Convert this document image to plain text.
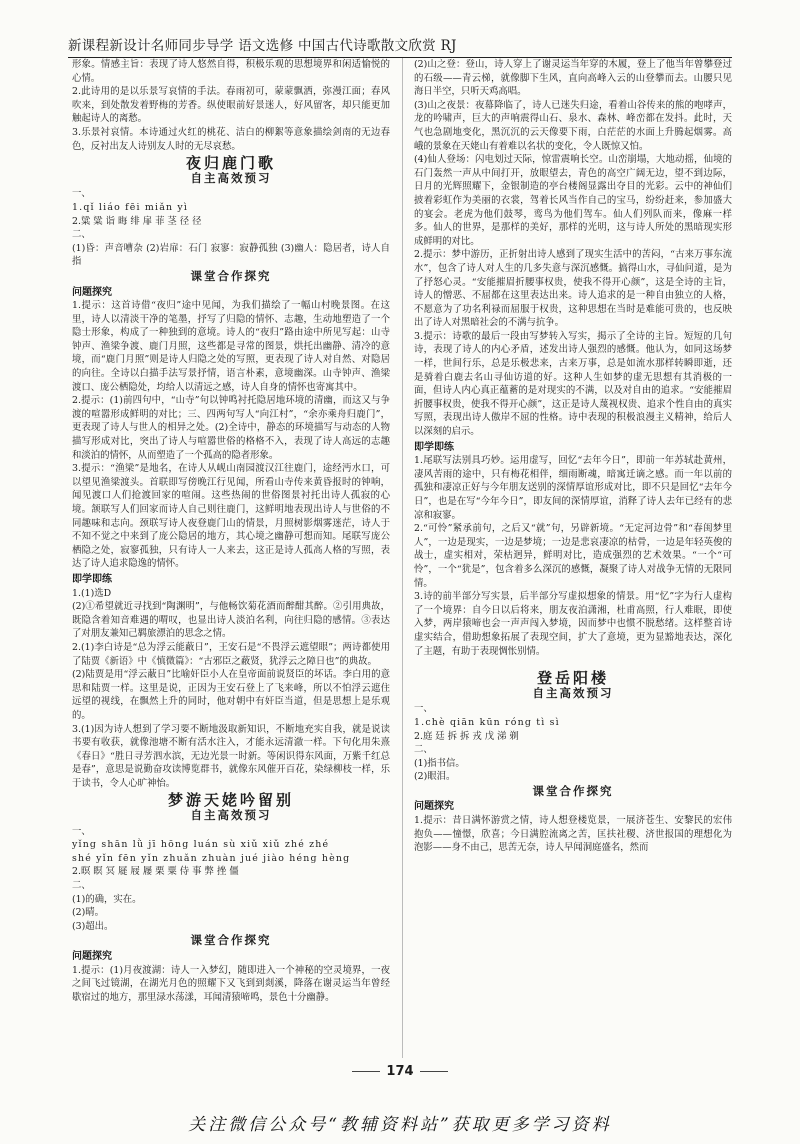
新课程新设计名师同步导学 语文选修 中国古代诗歌散文欣赏 RJ

形象。情感主旨：表现了诗人悠然自得，积极乐观的思想境界和闲适愉悦的心情。

2.此诗用的是以乐景写哀情的手法。春雨初可，蒙蒙飘洒，弥漫江面；春风吹来，到处散发着野梅的芳香。纵使眼前好景迷人，好风留客，却只能更加触起诗人的离愁。

3.乐景衬哀情。本诗通过火红的桃花、洁白的柳絮等意象描绘剑南的无边春色，反衬出友人诗别友人时的无尽哀愁。

夜归鹿门歌
自主高效预习

一、

1.qǐ liáo fēi miǎn yì

2.粱 粱 诣 晦 绯 扉 菲 茎 径 径

二、

(1)昏：声音嘈杂 (2)岩扉：石门 寂寥：寂静孤独 (3)幽人：隐居者，诗人自指

课堂合作探究
问题探究

1.提示：这首诗借“夜归”途中见闻，为我们描绘了一幅山村晚景图。在这里，诗人以清淡干净的笔墨，抒写了归隐的情怀、志趣，生动地塑造了一个隐士形象，构成了一种独到的意境。诗人的“夜归”路由途中所见写起：山寺钟声、渔梁争渡、鹿门月照，这些都是寻常的图景，烘托出幽静、清冷的意境，而“鹿门月照”则是诗人归隐之处的写照，更表现了诗人对自然、对隐居的向往。全诗以白描手法写景抒情，语言朴素，意境幽深。山寺钟声、渔梁渡口、庞公栖隐处，均给人以清远之感，诗人自身的情怀也寄寓其中。

2.提示：(1)前四句中，“山寺”句以钟鸣衬托隐居地环境的清幽，而这又与争渡的喧嚣形成鲜明的对比；三、四两句写人“向江村”，“余亦乘舟归鹿门”，更表现了诗人与世人的相异之处。(2)全诗中，静态的环境描写与动态的人物描写形成对比，突出了诗人与喧嚣世俗的格格不入，表现了诗人高远的志趣和淡泊的情怀，从而塑造了一个孤高的隐者形象。

3.提示：“渔梁”是地名，在诗人从岘山南园渡汉江往鹿门，途经沔水口，可以望见渔梁渡头。首联即写傍晚江行见闻，所看山寺传来黄昏报时的钟响，闻见渡口人们抢渡回家的喧闹。这些热闹的世俗图景衬托出诗人孤寂的心境。颔联写人们回家而诗人自己则往鹿门，这鲜明地表现出诗人与世俗的不同趣味和志向。颈联写诗人夜登鹿门山的情景，月照树影烟雾迷茫，诗人于不知不觉之中来到了庞公隐居的地方，其心境之幽静可想而知。尾联写庞公栖隐之处，寂寥孤独，只有诗人一人来去，这正是诗人孤高人格的写照，表达了诗人追求隐逸的情怀。

即学即练

1.(1)选D

(2)①希望就近寻找到“陶渊明”，与他畅饮菊花酒而醉酣其醉。②引用典故，既隐含着知音难遇的喟叹，也显出诗人淡泊名利，向往归隐的感情。③表达了对朋友兼知己羁旅漂泊的思念之情。

2.(1)李白诗是“总为浮云能蔽日”，王安石是“不畏浮云遮望眼”；两诗都使用了陆贾《新语》中《慎微篇》：“古邪臣之蔽贤，犹浮云之障日也”的典故。

(2)陆贾是用“浮云蔽日”比喻奸臣小人在皇帝面前说贤臣的坏话。李白用的意思和陆贾一样。这里是说，正因为王安石登上了飞来峰，所以不怕浮云遮住远望的视线，在飘然上升的同时，他对朝中有奸臣当道，但是思想上是乐观的。

3.(1)因为诗人想到了学习要不断地汲取新知识，不断地充实自我，就是说读书要有收获，就像池塘不断有活水注入，才能永远清澈一样。下句化用朱熹《春日》“胜日寻芳泗水滨，无边光景一时新。等闲识得东风面，万紫千红总是春”，意思是说勤奋攻读博览群书，就像东风催开百花，染绿柳枝一样，乐于读书，令人心旷神怡。

梦游天姥吟留别
自主高效预习

一、

yǐng shān lǜ jī hōng luán sù xiǔ xiǔ zhé zhé

shé yǐn fēn yǐn zhuǎn zhuàn jué jiào héng hèng

2.暝 瞑 冥 屣 屐 屦 栗 粟 侍 事 弊 挫 僵

二、

(1)的确，实在。

(2)晴。

(3)超出。

课堂合作探究
问题探究

1.提示：(1)月夜渡湖：诗人一入梦幻，随即进入一个神秘的空灵境界，一夜之间飞过镜湖，在湖光月色的照耀下又飞到到剡溪，降落在谢灵运当年曾经歇宿过的地方，那里渌水荡漾，耳闻清猿啼鸣，景色十分幽静。

(2)山之登：登山，诗人穿上了谢灵运当年穿的木履，登上了他当年曾攀登过的石级——青云梯，就像脚下生风，直向高峰入云的山登攀而去。山腰只见海日半空，只听天鸡高唱。

(3)山之夜景：夜幕降临了，诗人已迷失归途，看着山谷传来的熊的咆哮声，龙的吟啸声，巨大的声响震得山石、泉水、森林、峰峦都在发抖。此时，天气也急剧地变化，黑沉沉的云天像要下雨，白茫茫的水面上升腾起烟雾。高峨的景象在天姥山有着难以名状的变化，令人既惊又怕。

(4)仙人登场：闪电划过天际，惊雷震响长空。山峦崩塌，大地动摇，仙境的石门轰然一声从中间打开，放眼望去，青色的高空广阔无边，望不到边际，日月的光辉照耀下，金银制造的亭台楼阁显露出夺目的光彩。云中的神仙们披着彩虹作为美丽的衣裳，驾着长风当作自己的宝马，纷纷赶来，参加盛大的宴会。老虎为他们鼓琴，鸾鸟为他们驾车。仙人们列队而来，像麻一样多。仙人的世界，是那样的美好，那样的光明，这与诗人所处的黑暗现实形成鲜明的对比。

2.提示：梦中游历，正折射出诗人感到了现实生活中的苦闷，“古来万事东流水”，包含了诗人对人生的几多失意与深沉感慨。搞得山水，寻仙问道，是为了抒怒心灵。“安能摧眉折腰事权贵，使我不得开心颜”，这是全诗的主旨，诗人的憎恶、不屈都在这里表达出来。诗人追求的是一种自由独立的人格，不愿意为了功名利禄而屈服于权贵，这种思想在当时是难能可贵的，也反映出了诗人对黑暗社会的不满与抗争。

3.提示：诗歌的最后一段由写梦转入写实，揭示了全诗的主旨。短短的几句诗，表现了诗人的内心矛盾，述发出诗人强烈的感慨。他认为，如同这场梦一样，世间行乐，总是乐极悲来，古来万事，总是如流水那样转瞬即逝，还是骑着白鹿去名山寻仙访道的好。这种人生如梦的虚无思想有其消极的一面，但诗人内心真正蕴蓄的是对现实的不满，以及对自由的追求。“安能摧眉折腰事权贵，使我不得开心颜”，这正是诗人蔑视权贵、追求个性自由的真实写照，表现出诗人傲岸不屈的性格。诗中表现的积极浪漫主义精神，给后人以深刻的启示。

即学即练

1.尾联写法别具巧妙。运用虚写，回忆“去年今日”，即前一年苏轼赴黄州，凄风苦雨的途中，只有梅花相伴，细雨断魂，暗寓迁谪之感。而一年以前的孤独和凄凉正好与今年朋友送别的深情厚谊形成对比，即不只是回忆“去年今日”，也是在写“今年今日”，即友间的深情厚谊，消释了诗人去年已经有的悲凉和寂寥。

2.“可怜”紧承前句，之后又“就”句，另辟新境。“无定河边骨”和“春闺梦里人”，一边是现实，一边是梦境；一边是悲哀凄凉的枯骨，一边是年轻英俊的战士，虚实相对，荣枯迥异，鲜明对比，造成强烈的艺术效果。“一个“可怜”，一个“犹是”，包含着多么深沉的感慨，凝聚了诗人对战争无情的无限同情。

3.诗的前半部分写实景，后半部分写虚拟想象的情景。用“忆”字为行人虚构了一个境界：自今日以后将来，朋友夜泊潇湘，杜甫高照，行人难眠，即使入梦，两岸猿啼也会一声声闯入梦境，因而梦中也惯不脱愁绪。这样整首诗虚实结合，借助想象拓展了表现空间，扩大了意境，更为显豁地表达，深化了主题，有助于表现惆怅别情。

登岳阳楼
自主高效预习

一、

1.chè qiān kūn róng tì sì

2.庭 廷 拆 拆 戎 戊 涕 剃

二、

(1)指书信。

(2)眼泪。

课堂合作探究
问题探究

1.提示：昔日满怀游赏之情，诗人想登楼览景，一展济苍生、安黎民的宏伟抱负——憧憬，欣喜；今日满腔流离之苦，匡扶社稷、济世报国的理想化为泡影——身不由己，思苦无奈，诗人早闻洞庭盛名，然而

174
关注微信公众号“教辅资料站”获取更多学习资料
